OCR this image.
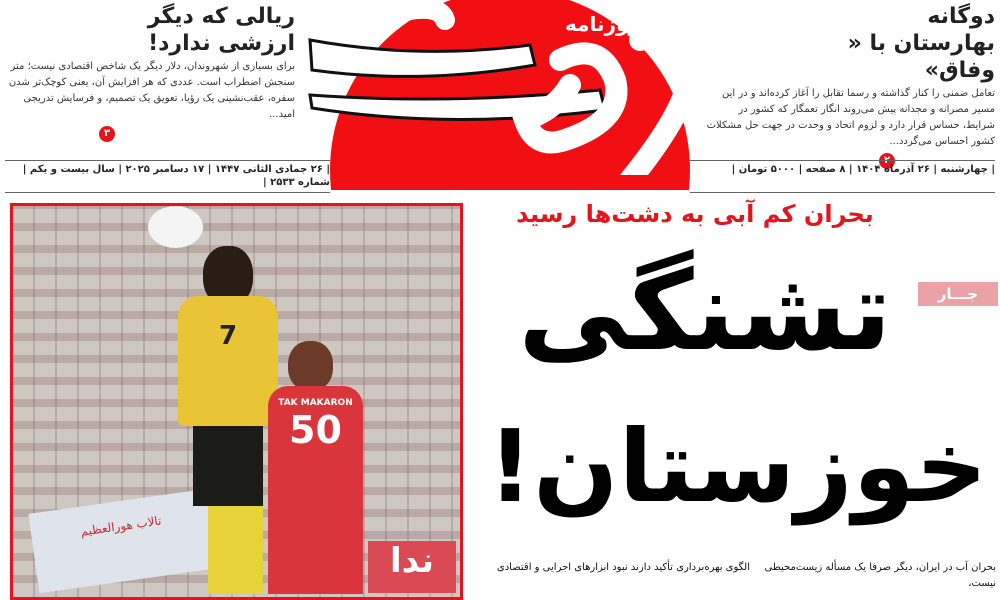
روزنامه
ریالی که دیگر ارزشی ندارد!

برای بسیاری از شهروندان، دلار دیگر یک شاخص اقتصادی نیست؛ متر سنجش اضطراب است. عددی که هر افزایش آن، یعنی کوچک‌تر شدن سفره، عقب‌نشینی یک رؤیا، تعویق یک تصمیم، و فرسایش تدریجی امید...

۳
دوگانه بهارستان با « وفاق»

تعامل ضمنی را کنار گذاشته و رسما تقابل را آغاز کرده‌اند و در این مسیر مصرانه و مجدانه پیش می‌روند انگار تعمگار که کشور در شرایط، حساس قرار دارد و لزوم اتحاد و وحدت در جهت حل مشکلات کشور احساس می‌گردد...

| ۲۶ جمادی الثانی ۱۴۴۷ | ۱۷ دسامبر ۲۰۲۵ | سال بیست و یکم | شماره ۲۵۳۳ |
| چهارشنبه | ۲۶ آذرماه ۱۴۰۴ | ۸ صفحه | ۵۰۰۰ تومان |
تالاب هورالعظیم
7
TAK MAKARON
50
ندا
بحران کم آبی به دشت‌ها رسید
جـــار
تشنگی
خوزستان!
بحران آب در ایران، دیگر صرفا یک مسأله زیست‌محیطی نیست،
الگوی بهره‌برداری تأکید دارند نبود ابزارهای اجرایی و اقتصادی
